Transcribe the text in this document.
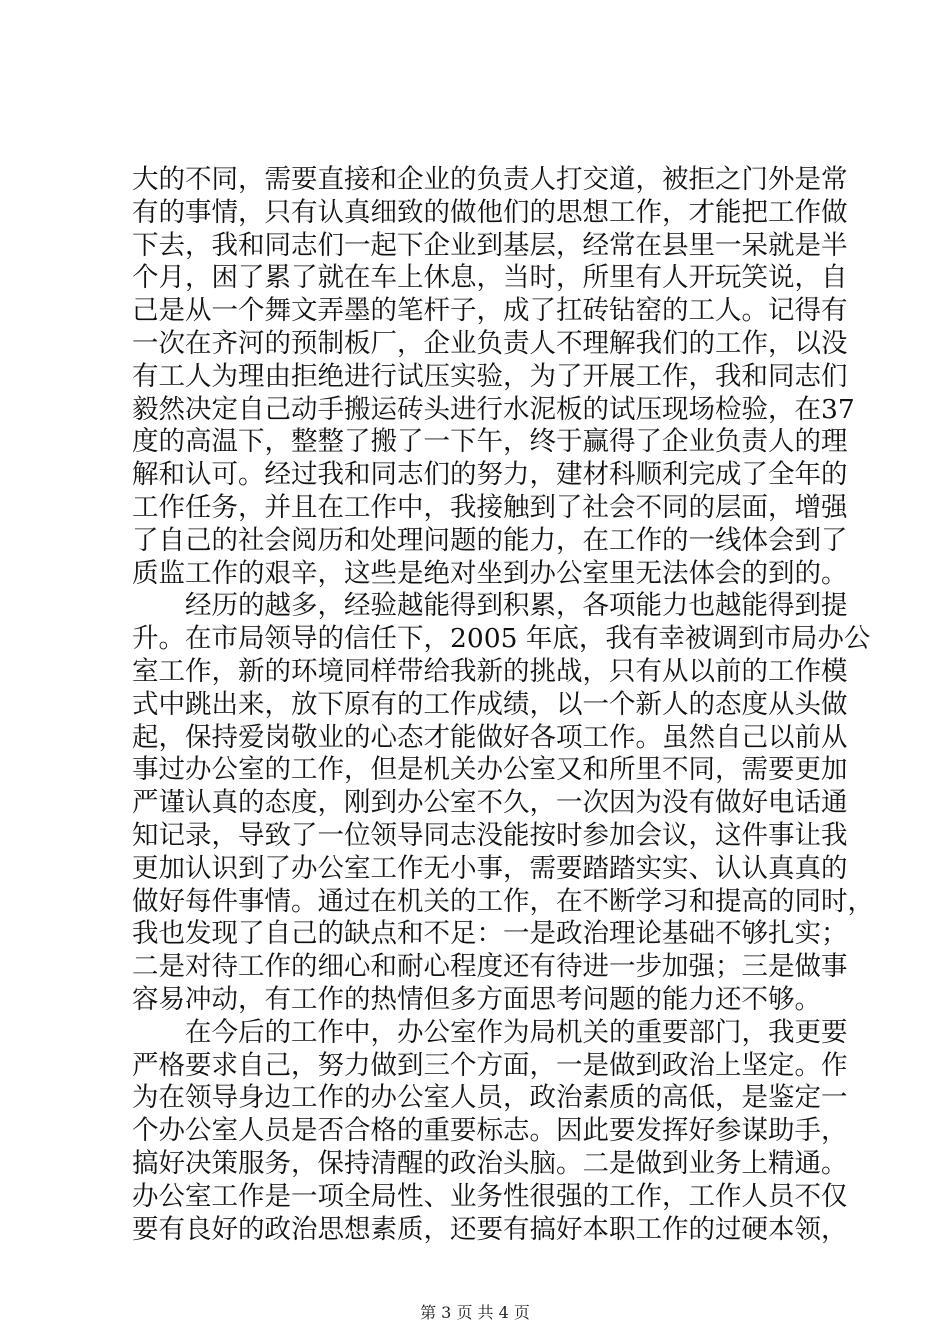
大的不同，需要直接和企业的负责人打交道，被拒之门外是常
有的事情，只有认真细致的做他们的思想工作，才能把工作做
下去，我和同志们一起下企业到基层，经常在县里一呆就是半
个月，困了累了就在车上休息，当时，所里有人开玩笑说，自
己是从一个舞文弄墨的笔杆子，成了扛砖钻窑的工人。记得有
一次在齐河的预制板厂，企业负责人不理解我们的工作，以没
有工人为理由拒绝进行试压实验，为了开展工作，我和同志们
毅然决定自己动手搬运砖头进行水泥板的试压现场检验，在37
度的高温下，整整了搬了一下午，终于赢得了企业负责人的理
解和认可。经过我和同志们的努力，建材科顺利完成了全年的
工作任务，并且在工作中，我接触到了社会不同的层面，增强
了自己的社会阅历和处理问题的能力，在工作的一线体会到了
质监工作的艰辛，这些是绝对坐到办公室里无法体会的到的。
　　经历的越多，经验越能得到积累，各项能力也越能得到提
升。在市局领导的信任下，2005 年底，我有幸被调到市局办公
室工作，新的环境同样带给我新的挑战，只有从以前的工作模
式中跳出来，放下原有的工作成绩，以一个新人的态度从头做
起，保持爱岗敬业的心态才能做好各项工作。虽然自己以前从
事过办公室的工作，但是机关办公室又和所里不同，需要更加
严谨认真的态度，刚到办公室不久，一次因为没有做好电话通
知记录，导致了一位领导同志没能按时参加会议，这件事让我
更加认识到了办公室工作无小事，需要踏踏实实、认认真真的
做好每件事情。通过在机关的工作，在不断学习和提高的同时，
我也发现了自己的缺点和不足：一是政治理论基础不够扎实；
二是对待工作的细心和耐心程度还有待进一步加强；三是做事
容易冲动，有工作的热情但多方面思考问题的能力还不够。
　　在今后的工作中，办公室作为局机关的重要部门，我更要
严格要求自己，努力做到三个方面，一是做到政治上坚定。作
为在领导身边工作的办公室人员，政治素质的高低，是鉴定一
个办公室人员是否合格的重要标志。因此要发挥好参谋助手，
搞好决策服务，保持清醒的政治头脑。二是做到业务上精通。
办公室工作是一项全局性、业务性很强的工作，工作人员不仅
要有良好的政治思想素质，还要有搞好本职工作的过硬本领，
第 3 页 共 4 页
